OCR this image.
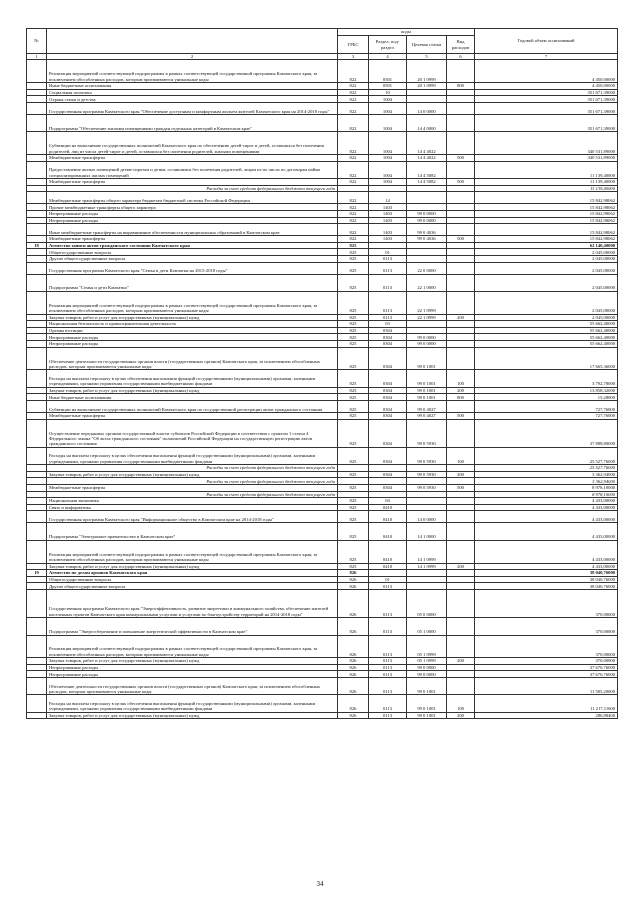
№		коды				Годовой объем ассигнований
		ГРБС	Раздел, под-раздел	Целевая статья	Вид расходов	
1	2	3	4	5	6	7
	Реализация мероприятий соответствующей подпрограммы в рамках соответствующей государственной программы Камчатского края, за исключением обособленных расходов, которым присваиваются уникальные коды	822	0501	20 1 0999		4 450,00000
	Иные бюджетные ассигнования	822	0501	20 1 0999	800	4 450,00000
	Социальная политика	822	10			351 671,39000
	Охрана семьи и детства	822	1004			351 671,39000
	Государственная программа Камчатского края "Обеспечение доступным и комфортным жильем жителей Камчатского края на 2014-2018 годы"	822	1004	14 0 0000		351 671,39000
	Подпрограмма "Обеспечение жилыми помещениями граждан отдельных категорий в Камчатском крае"	822	1004	14 4 0000		351 671,39000
	Субвенции на выполнение государственных полномочий Камчатского края по обеспечению детей-сирот и детей, оставшихся без попечения родителей, лиц из числа детей-сирот и детей, оставшихся без попечения родителей, жилыми помещениями	822	1004	14 4 4022		340 531,89000
	Межбюджетные трансферты	822	1004	14 4 4022	500	340 531,89000
	Предоставление жилых помещений детям-сиротам и детям, оставшимся без попечения родителей, лицам из их числа по договорам найма специализированных жилых помещений	822	1004	14 4 5082		11 139,40000
	Межбюджетные трансферты	822	1004	14 4 5082	500	11 139,40000
	Расходы за счет средств федерального бюджета текущего года					11 139,40000
	Межбюджетные трансферты общего характера бюджетам бюджетной системы Российской Федерации	822	14			15 842,98062
	Прочие межбюджетные трансферты общего характера	822	1403			15 842,98062
	Непрограммные расходы	822	1403	99 0 0000		15 842,98062
	Непрограммные расходы	822	1403	99 0 0000		15 842,98062
	Иные межбюджетные трансферты на выравнивание обеспеченности муниципальных образований в Камчатском крае	822	1403	99 0 4036		15 842,98062
	Межбюджетные трансферты	822	1403	99 0 4036	500	15 842,98062
18	Агентство записи актов гражданского состояния Камчатского края	825				62 140,40000
	Общегосударственные вопросы	825	01			2 045,00000
	Другие общегосударственные вопросы	825	0113			2 045,00000
	Государственная программа Камчатского края "Семья и дети Камчатки на 2015-2018 годы"	825	0113	22 0 0000		2 045,00000
	Подпрограмма "Семья и дети Камчатки"	825	0113	22 1 0000		2 045,00000
	Реализация мероприятий соответствующей подпрограммы в рамках соответствующей государственной программы Камчатского края, за исключением обособленных расходов, которым присваиваются уникальные коды	825	0113	22 1 0999		2 045,00000
	Закупка товаров, работ и услуг для государственных (муниципальных) нужд	825	0113	22 1 0999	200	2 045,00000
	Национальная безопасность и правоохранительная деятельность	825	03			55 662,40000
	Органы юстиции	825	0304			55 662,40000
	Непрограммные расходы	825	0304	99 0 0000		55 662,40000
	Непрограммные расходы	825	0304	99 0 0000		55 662,40000
	Обеспечение деятельности государственных органов власти (государственных органов) Камчатского края, за исключением обособленных расходов, которым присваиваются уникальные коды	825	0304	99 0 1001		17 665,36000
	Расходы на выплаты персоналу в целях обеспечения выполнения функций государственными (муниципальными) органами, казенными учреждениями, органами управления государственными внебюджетными фондами	825	0304	99 0 1001	100	3 792,78000
	Закупка товаров, работ и услуг для государственных (муниципальных) нужд	825	0304	99 0 1001	200	13 858,32000
	Иные бюджетные ассигнования	825	0304	99 0 1001	800	15,28000
	Субвенции на выполнение государственных полномочий Камчатского края по государственной регистрации актов гражданского состояния	825	0304	99 0 4027		727,76000
	Межбюджетные трансферты	825	0304	99 0 4027	500	727,76000
	Осуществление переданных органам государственной власти субъектов Российской Федерации в соответствии с пунктом 1 статьи 4 Федерального закона "Об актах гражданского состояния" полномочий Российской Федерации на государственную регистрацию актов гражданского состояния	825	0304	99 0 5930		37 888,80000
	Расходы на выплаты персоналу в целях обеспечения выполнения функций государственными (муниципальными) органами, казенными учреждениями, органами управления государственными внебюджетными фондами	825	0304	99 0 5930	100	25 527,76000
	Расходы за счет средств федерального бюджета текущего года					25 527,76000
	Закупка товаров, работ и услуг для государственных (муниципальных) нужд	825	0304	99 0 5930	200	3 362,94000
	Расходы за счет средств федерального бюджета текущего года					3 362,94000
	Межбюджетные трансферты	825	0304	99 0 5930	500	8 978,10000
	Расходы за счет средств федерального бюджета текущего года					8 978,10000
	Национальная экономика	825	04			4 433,00000
	Связь и информатика	825	0410			4 433,00000
	Государственная программа Камчатского края "Информационное общество в Камчатском крае на 2014-2018 годы"	825	0410	14 0 0000		4 433,00000
	Подпрограмма "Электронное правительство в Камчатском крае"	825	0410	14 1 0000		4 433,00000
	Реализация мероприятий соответствующей подпрограммы в рамках соответствующей государственной программы Камчатского края, за исключением обособленных расходов, которым присваиваются уникальные коды	825	0410	14 1 0999		4 433,00000
	Закупка товаров, работ и услуг для государственных (муниципальных) нужд	825	0410	14 1 0999	200	4 433,00000
19	Агентство по делам архивов Камчатского края	826				38 040,76000
	Общегосударственные вопросы	826	01			38 040,76000
	Другие общегосударственные вопросы	826	0113			38 040,76000
	Государственная программа Камчатского края "Энергоэффективность, развитие энергетики и коммунального хозяйства, обеспечение жителей населенных пунктов Камчатского края коммунальными услугами и услугами по благоустройству территорий на 2014-2018 годы"	826	0113	05 0 0000		370,00000
	Подпрограмма "Энергосбережение и повышение энергетической эффективности в Камчатском крае"	826	0113	05 1 0000		370,00000
	Реализация мероприятий соответствующей подпрограммы в рамках соответствующей государственной программы Камчатского края, за исключением обособленных расходов, которым присваиваются уникальные коды	826	0113	05 1 0999		370,00000
	Закупка товаров, работ и услуг для государственных (муниципальных) нужд	826	0113	05 1 0999	200	370,00000
	Непрограммные расходы	826	0113	99 0 0000		37 670,76000
	Непрограммные расходы	826	0113	99 0 0000		37 670,76000
	Обеспечение деятельности государственных органов власти (государственных органов) Камчатского края, за исключением обособленных расходов, которым присваиваются уникальные коды	826	0113	99 0 1001		11 505,20000
	Расходы на выплаты персоналу в целях обеспечения выполнения функций государственными (муниципальными) органами, казенными учреждениями, органами управления государственными внебюджетными фондами	826	0113	99 0 1001	100	11 217,11600
	Закупка товаров, работ и услуг для государственных (муниципальных) нужд	826	0113	99 0 1001	200	286,88400
34
